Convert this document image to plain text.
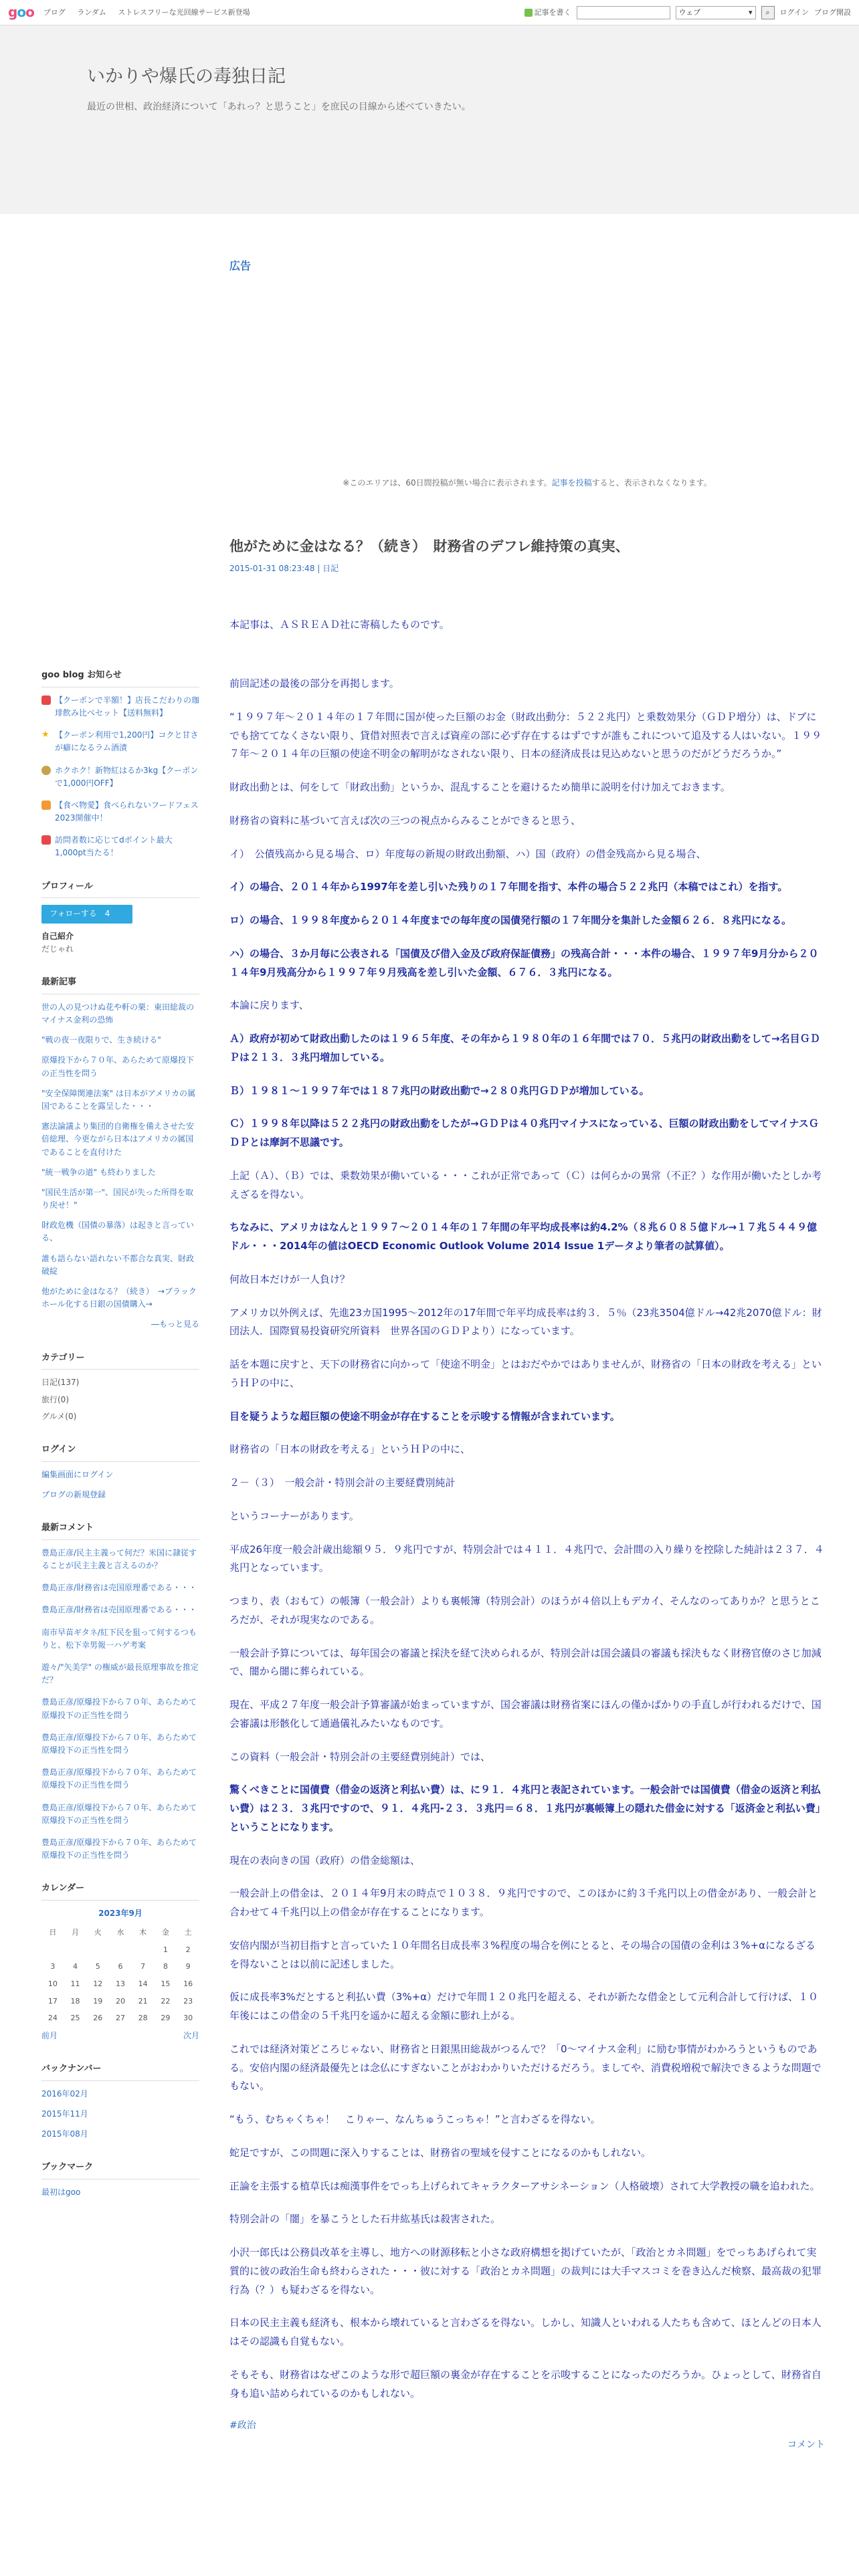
goo ブログ ランダム ストレスフリーな光回線サービス新登場	記事を書く	ウェブ	▾ ⌕ ログイン ブログ開設
いかりや爆氏の毒独日記

最近の世相、政治経済について「あれっ？と思うこと」を庶民の目線から述べていきたい。

goo blog お知らせ
【クーポンで半額！】店長こだわりの珈琲飲み比べセット【送料無料】
★ 【クーポン利用で1,200円】コクと甘さが癖になるラム酒漬
ホクホク！新物紅はるか3kg【クーポンで1,000円OFF】
【食べ物愛】食べられないフードフェス2023開催中！
訪問者数に応じてdポイント最大1,000pt当たる！
プロフィール
フォローする　4
自己紹介
だじゃれ
最新記事
世の人の見つけぬ花や軒の栗：東田総裁のマイナス金利の恐怖
"戦の夜一夜限りで、生き続ける"
原爆投下から７０年、あらためて原爆投下の正当性を問う
"安全保障関連法案" は日本がアメリカの属国であることを露呈した・・・
憲法論議より集団的自衛権を備えさせた安倍総理、今更ながら日本はアメリカの属国であることを直付けた
"統一戦争の道" も終わりました
"国民生活が第一"、国民が失った所得を取り戻せ！"
財政危機（国債の暴落）は起きと言っている、
誰も語らない語れない不都合な真実、財政破綻
他がために金はなる？（続き）　→ブラックホール化する日銀の国債購入→
―もっと見る
カテゴリー
日記(137)
旅行(0)
グルメ(0)
ログイン
編集画面にログイン
ブログの新規登録
最新コメント
豊島正彦/民主主義って何だ？米国に隷従することが民主主義と言えるのか？
豊島正彦/財務省は売国原理番である・・・
豊島正彦/財務省は売国原理番である・・・
南市早苗ギタネ/紅下民を狙って何するつもりと、松下幸男報一ハゲ考案
遊々/"矢美学" の権威が最長原理事故を推定だ？
豊島正彦/原爆投下から７０年、あらためて原爆投下の正当性を問う
豊島正彦/原爆投下から７０年、あらためて原爆投下の正当性を問う
豊島正彦/原爆投下から７０年、あらためて原爆投下の正当性を問う
豊島正彦/原爆投下から７０年、あらためて原爆投下の正当性を問う
豊島正彦/原爆投下から７０年、あらためて原爆投下の正当性を問う
カレンダー
2023年9月
日	月	火	水	木	金	土
					1	2
3	4	5	6	7	8	9
10	11	12	13	14	15	16
17	18	19	20	21	22	23
24	25	26	27	28	29	30
前月	次月
バックナンバー
2016年02月
2015年11月
2015年08月
ブックマーク
最初はgoo
広告

※このエリアは、60日間投稿が無い場合に表示されます。記事を投稿すると、表示されなくなります。

他がために金はなる？（続き）　財務省のデフレ維持策の真実、
2015-01-31 08:23:48 | 日記

本記事は、ＡＳＲＥＡＤ社に寄稿したものです。

前回記述の最後の部分を再掲します。

“１９９７年～２０１４年の１７年間に国が使った巨額のお金（財政出動分：５２２兆円）と乗数効果分（ＧＤＰ増分）は、ドブにでも捨ててなくさない限り、貸借対照表で言えば資産の部に必ず存在するはずですが誰もこれについて追及する人はいない。１９９７年～２０１４年の巨額の使途不明金の解明がなされない限り、日本の経済成長は見込めないと思うのだがどうだろうか。”

財政出動とは、何をして「財政出動」というか、混乱することを避けるため簡単に説明を付け加えておきます。

財務省の資料に基づいて言えば次の三つの視点からみることができると思う、

イ）　公債残高から見る場合、ロ）年度毎の新規の財政出動額、ハ）国（政府）の借金残高から見る場合、

イ）の場合、２０１４年から1997年を差し引いた残りの１７年間を指す、本件の場合５２２兆円（本稿ではこれ）を指す。

ロ）の場合、１９９８年度から２０１４年度までの毎年度の国債発行額の１７年間分を集計した金額６２６．８兆円になる。

ハ）の場合、３か月毎に公表される「国債及び借入金及び政府保証債務」の残高合計・・・本件の場合、１９９７年9月分から２０１４年9月残高分から１９９７年９月残高を差し引いた金額、６７６．３兆円になる。

本論に戻ります、

Ａ）政府が初めて財政出動したのは１９６５年度、その年から１９８０年の１６年間では７０．５兆円の財政出動をして→名目ＧＤＰは２１３．３兆円増加している。

Ｂ）１９８１～１９９７年では１８７兆円の財政出動で→２８０兆円ＧＤＰが増加している。

Ｃ）１９９８年以降は５２２兆円の財政出動をしたが→ＧＤＰは４０兆円マイナスになっている、巨額の財政出動をしてマイナスＧＤＰとは摩訶不思議です。

上記（Ａ）、（Ｂ）では、乗数効果が働いている・・・これが正常であって（Ｃ）は何らかの異常（不正？）な作用が働いたとしか考えざるを得ない。

ちなみに、アメリカはなんと１９９７～２０１４年の１７年間の年平均成長率は約4.2%（８兆６０８５億ドル→１７兆５４４９億ドル・・・2014年の値はOECD Economic Outlook Volume 2014 Issue 1データより筆者の試算値）。

何故日本だけが一人負け？

アメリカ以外例えば、先進23カ国1995～2012年の17年間で年平均成長率は約３．５％（23兆3504億ドル→42兆2070億ドル：財団法人．国際貿易投資研究所資料　世界各国のＧＤＰより）になっています。

話を本題に戻すと、天下の財務省に向かって「使途不明金」とはおだやかではありませんが、財務省の「日本の財政を考える」というＨＰの中に、

目を疑うような超巨額の使途不明金が存在することを示唆する情報が含まれています。

財務省の「日本の財政を考える」というＨＰの中に、

２－（３）　一般会計・特別会計の主要経費別純計

というコーナーがあります。

平成26年度一般会計歳出総額９５．９兆円ですが、特別会計では４１１．４兆円で、会計間の入り繰りを控除した純計は２３７．４兆円となっています。

つまり、表（おもて）の帳簿（一般会計）よりも裏帳簿（特別会計）のほうが４倍以上もデカイ、そんなのってありか？と思うところだが、それが現実なのである。

一般会計予算については、毎年国会の審議と採決を経て決められるが、特別会計は国会議員の審議も採決もなく財務官僚のさじ加減で、闇から闇に葬られている。

現在、平成２７年度一般会計予算審議が始まっていますが、国会審議は財務省案にほんの僅かばかりの手直しが行われるだけで、国会審議は形骸化して通過儀礼みたいなものです。

この資料（一般会計・特別会計の主要経費別純計）では、

驚くべきことに国債費（借金の返済と利払い費）は、に９１．４兆円と表記されています。一般会計では国債費（借金の返済と利払い費）は２３．３兆円ですので、９１．４兆円-２３．３兆円＝６８．１兆円が裏帳簿上の隠れた借金に対する「返済金と利払い費」ということになります。

現在の表向きの国（政府）の借金総額は、

一般会計上の借金は、２０１４年9月末の時点で１０３８．９兆円ですので、このほかに約３千兆円以上の借金があり、一般会計と合わせて４千兆円以上の借金が存在することになります。

安倍内閣が当初目指すと言っていた１０年間名目成長率３%程度の場合を例にとると、その場合の国債の金利は３%+αになるざるを得ないことは以前に記述しました。

仮に成長率3%だとすると利払い費（3%+α）だけで年間１２０兆円を超える、それが新たな借金として元利合計して行けば、１０年後にはこの借金の５千兆円を遥かに超える金額に膨れ上がる。

これでは経済対策どころじゃない、財務省と日銀黒田総裁がつるんで？「0～マイナス金利」に励む事情がわかろうというものである。安倍内閣の経済最優先とは念仏にすぎないことがおわかりいただけるだろう。ましてや、消費税増税で解決できるような問題でもない。

“もう、むちゃくちゃ！　こりゃー、なんちゅうこっちゃ！”と言わざるを得ない。

蛇足ですが、この問題に深入りすることは、財務省の聖域を侵すことになるのかもしれない。

正論を主張する植草氏は痴漢事件をでっち上げられてキャラクターアサシネーション（人格破壊）されて大学教授の職を追われた。

特別会計の「闇」を暴こうとした石井紘基氏は殺害された。

小沢一郎氏は公務員改革を主導し、地方への財源移転と小さな政府構想を掲げていたが、「政治とカネ問題」をでっちあげられて実質的に彼の政治生命も終わらされた・・・彼に対する「政治とカネ問題」の裁判には大手マスコミを巻き込んだ検察、最高裁の犯罪行為（？）も疑わざるを得ない。

日本の民主主義も経済も、根本から壊れていると言わざるを得ない。しかし、知識人といわれる人たちも含めて、ほとんどの日本人はその認識も自覚もない。

そもそも、財務省はなぜこのような形で超巨額の裏金が存在することを示唆することになったのだろうか。ひょっとして、財務省自身も追い詰められているのかもしれない。

#政治
コメント
